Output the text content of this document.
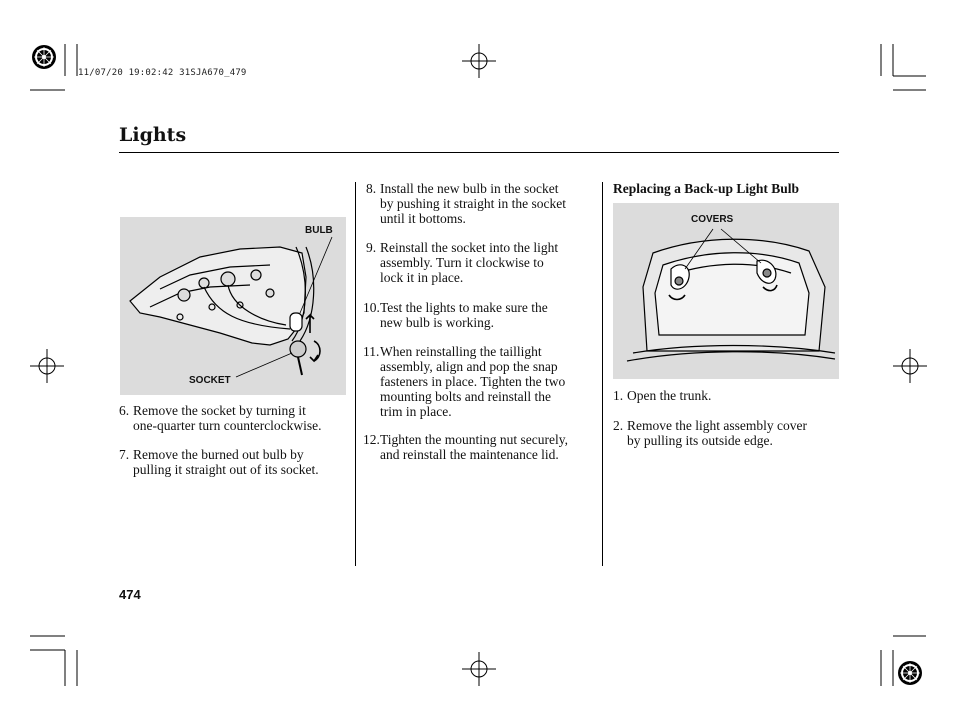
11/07/20 19:02:42 31SJA670_479
Lights
BULB
SOCKET
6. Remove the socket by turning it
one-quarter turn counterclockwise.
7. Remove the burned out bulb by
pulling it straight out of its socket.
8. Install the new bulb in the socket
by pushing it straight in the socket
until it bottoms.
9. Reinstall the socket into the light
assembly. Turn it clockwise to
lock it in place.
10. Test the lights to make sure the
new bulb is working.
11. When reinstalling the taillight
assembly, align and pop the snap
fasteners in place. Tighten the two
mounting bolts and reinstall the
trim in place.
12. Tighten the mounting nut securely,
and reinstall the maintenance lid.
Replacing a Back-up Light Bulb
COVERS
1. Open the trunk.
2. Remove the light assembly cover
by pulling its outside edge.
474
